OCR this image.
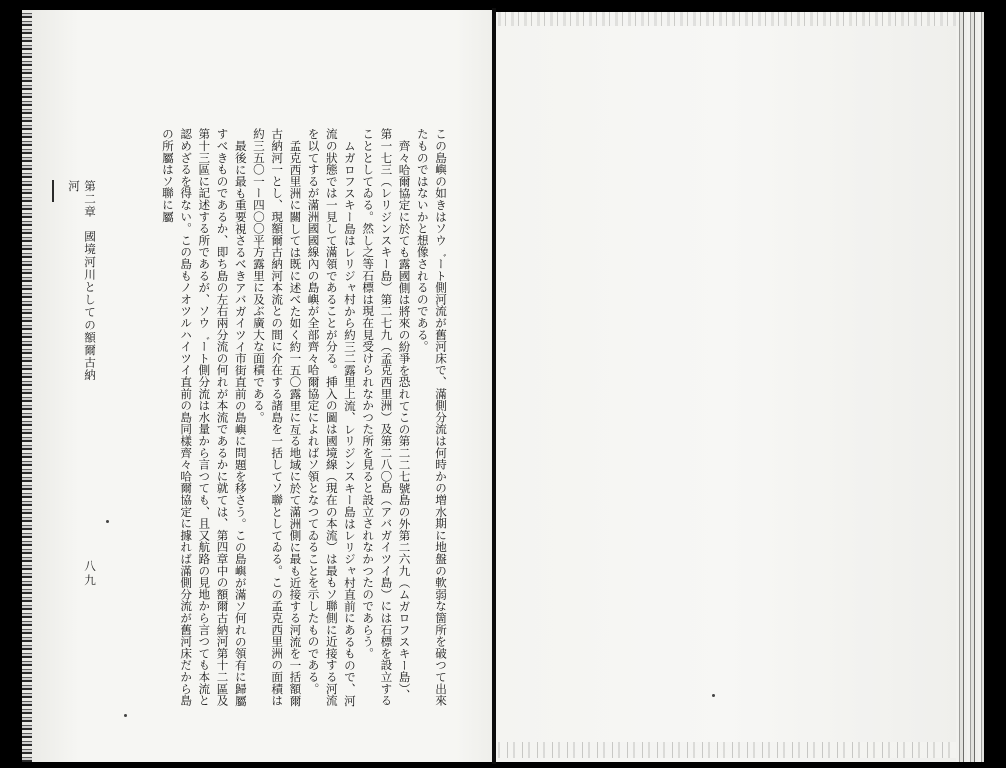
この島嶼の如きはソウ゛ート側河流が舊河床で、滿側分流は何時かの増水期に地盤の軟弱な箇所を破つて出來たものではないかと想像されるのである。

齊々哈爾協定に於ても露國側は將來の紛爭を恐れてこの第二二七號島の外第二六九（ムガロフスキー島）、第一七三（レリジンスキー島）第二七九（孟克西里洲）及第二八〇島（アバガイツイ島）には石標を設立することとしてゐる。然し之等石標は現在見受けられなかつた所を見ると設立されなかつたのであらう。

ムガロフスキー島はレリジャ村から約三二露里上流、レリジンスキー島はレリジャ村直前にあるもので、河流の狀態では一見して滿領であることが分る。挿入の圖は國境線（現在の本流）は最もソ聯側に近接する河流を以てするが滿洲國國線內の島嶼が全部齊々哈爾協定によればソ領となつてゐることを示したものである。

孟克西里洲に關しては既に述べた如く約一五〇露里に亙る地域に於て滿洲側に最も近接する河流を一括額爾古納河一とし、現額爾古納河本流との間に介在する諸島を一括してソ聯としてゐる。この孟克西里洲の面積は約三五〇一ー四〇〇平方露里に及ぶ廣大な面積である。

最後に最も重要視さるべきアバガイツイ市街直前の島嶼に問題を移さう。この島嶼が滿ソ何れの領有に歸屬すべきものであるか、即ち島の左右兩分流の何れが本流であるかに就ては、第四章中の額爾古納河第十二區及第十三區に記述する所であるが、ソウ゛ート側分流は水量から言つても、且又航路の見地から言つても本流と認めざるを得ない。この島もノオツルハイツイ直前の島同樣齊々哈爾協定に據れば滿側分流が舊河床だから島の所屬はソ聯に屬

第二章　國境河川としての額爾古納河
八九
